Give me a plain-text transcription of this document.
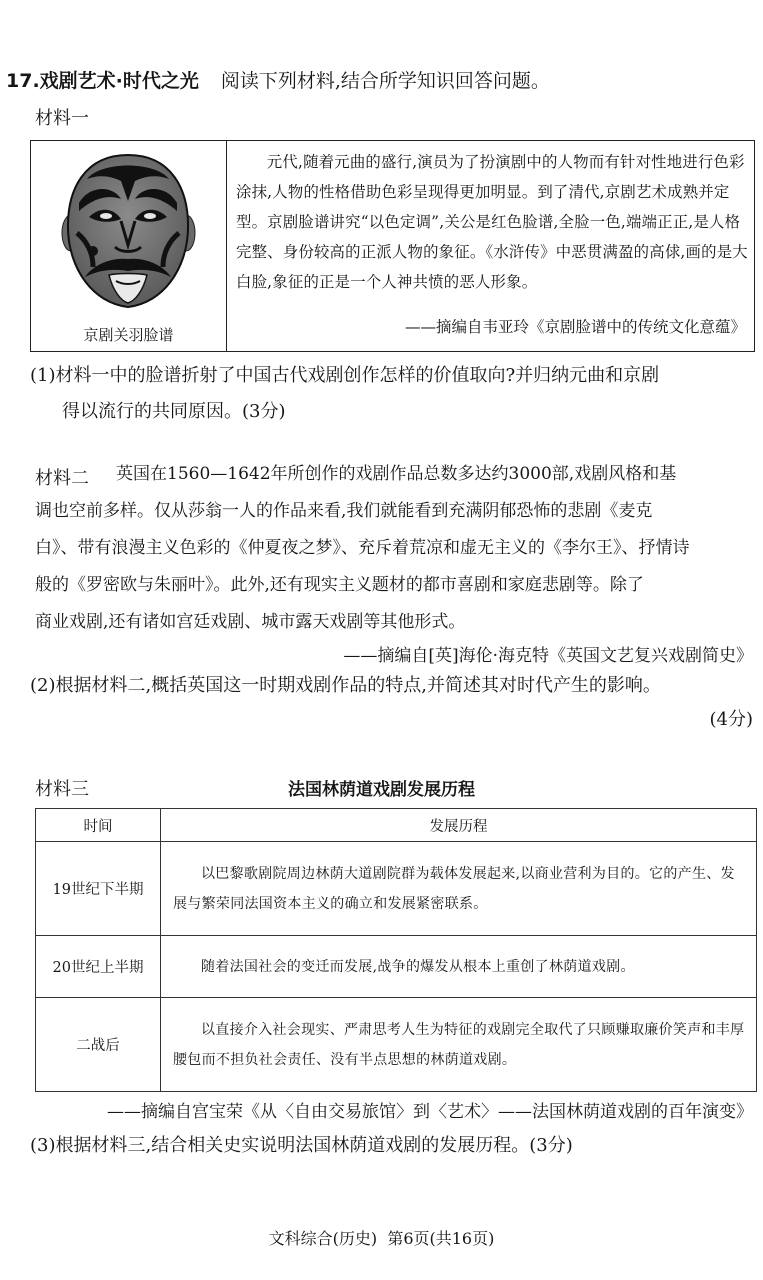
17.戏剧艺术·时代之光 阅读下列材料,结合所学知识回答问题。
材料一
京剧关羽脸谱
元代,随着元曲的盛行,演员为了扮演剧中的人物而有针对性地进行色彩涂抹,人物的性格借助色彩呈现得更加明显。到了清代,京剧艺术成熟并定型。京剧脸谱讲究“以色定调”,关公是红色脸谱,全脸一色,端端正正,是人格完整、身份较高的正派人物的象征。《水浒传》中恶贯满盈的高俅,画的是大白脸,象征的正是一个人神共愤的恶人形象。
——摘编自韦亚玲《京剧脸谱中的传统文化意蕴》
(1)材料一中的脸谱折射了中国古代戏剧创作怎样的价值取向?并归纳元曲和京剧
得以流行的共同原因。(3分)
材料二 英国在1560—1642年所创作的戏剧作品总数多达约3000部,戏剧风格和基
调也空前多样。仅从莎翁一人的作品来看,我们就能看到充满阴郁恐怖的悲剧《麦克
白》、带有浪漫主义色彩的《仲夏夜之梦》、充斥着荒凉和虚无主义的《李尔王》、抒情诗
般的《罗密欧与朱丽叶》。此外,还有现实主义题材的都市喜剧和家庭悲剧等。除了
商业戏剧,还有诸如宫廷戏剧、城市露天戏剧等其他形式。
——摘编自[英]海伦·海克特《英国文艺复兴戏剧简史》
(2)根据材料二,概括英国这一时期戏剧作品的特点,并简述其对时代产生的影响。
(4分)
材料三	法国林荫道戏剧发展历程
时间	发展历程
19世纪下半期	以巴黎歌剧院周边林荫大道剧院群为载体发展起来,以商业营利为目的。它的产生、发展与繁荣同法国资本主义的确立和发展紧密联系。
20世纪上半期	随着法国社会的变迁而发展,战争的爆发从根本上重创了林荫道戏剧。
二战后	以直接介入社会现实、严肃思考人生为特征的戏剧完全取代了只顾赚取廉价笑声和丰厚腰包而不担负社会责任、没有半点思想的林荫道戏剧。
——摘编自宫宝荣《从〈自由交易旅馆〉到〈艺术〉——法国林荫道戏剧的百年演变》
(3)根据材料三,结合相关史实说明法国林荫道戏剧的发展历程。(3分)
文科综合(历史)  第6页(共16页)
